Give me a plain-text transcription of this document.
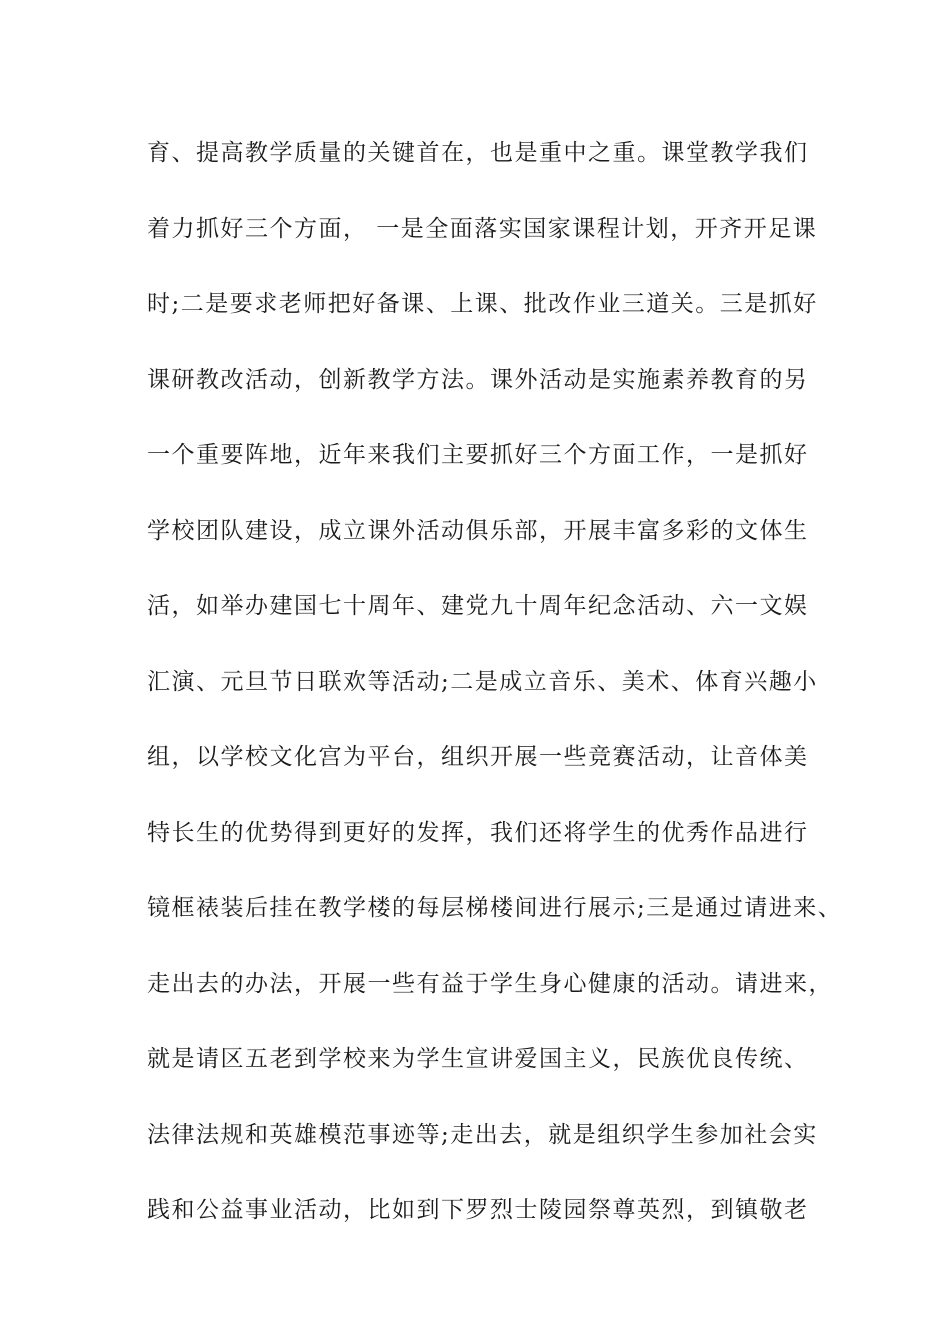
育、提高教学质量的关键首在，也是重中之重。课堂教学我们
着力抓好三个方面， 一是全面落实国家课程计划，开齐开足课
时;二是要求老师把好备课、上课、批改作业三道关。三是抓好
课研教改活动，创新教学方法。课外活动是实施素养教育的另
一个重要阵地，近年来我们主要抓好三个方面工作，一是抓好
学校团队建设，成立课外活动俱乐部，开展丰富多彩的文体生
活，如举办建国七十周年、建党九十周年纪念活动、六一文娱
汇演、元旦节日联欢等活动;二是成立音乐、美术、体育兴趣小
组，以学校文化宫为平台，组织开展一些竞赛活动，让音体美
特长生的优势得到更好的发挥，我们还将学生的优秀作品进行
镜框裱装后挂在教学楼的每层梯楼间进行展示;三是通过请进来、
走出去的办法，开展一些有益于学生身心健康的活动。请进来，
就是请区五老到学校来为学生宣讲爱国主义，民族优良传统、
法律法规和英雄模范事迹等;走出去，就是组织学生参加社会实
践和公益事业活动，比如到下罗烈士陵园祭尊英烈，到镇敬老
